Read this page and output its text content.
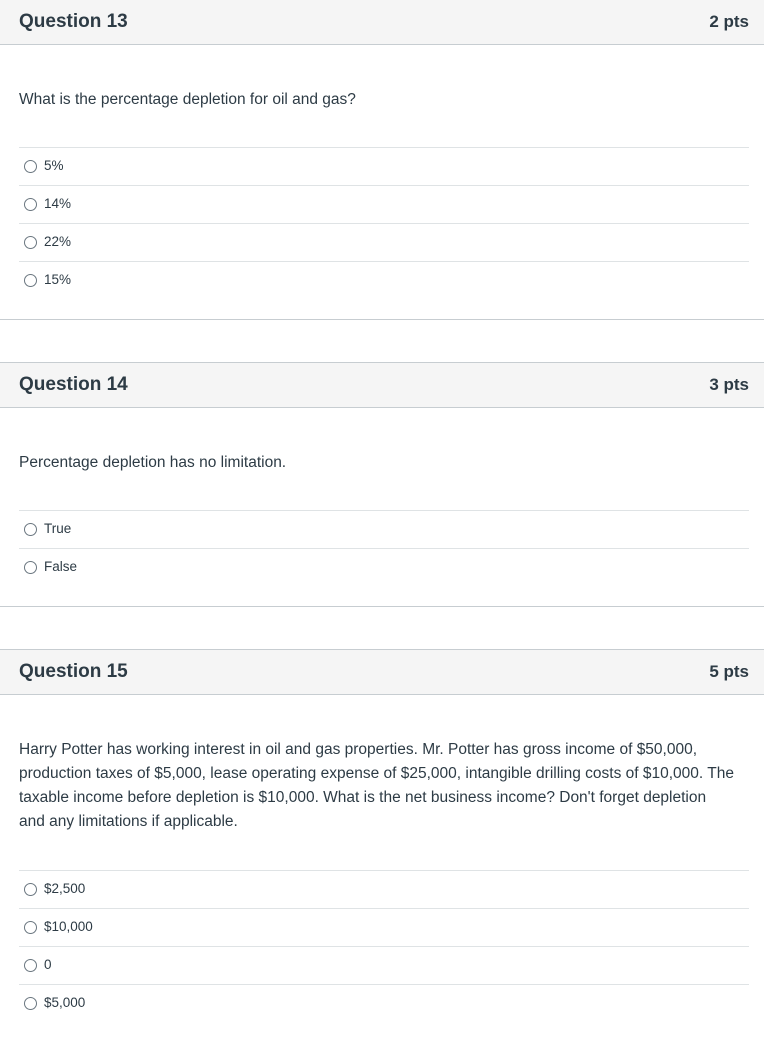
Question 13	2 pts
What is the percentage depletion for oil and gas?
5%
14%
22%
15%
Question 14	3 pts
Percentage depletion has no limitation.
True
False
Question 15	5 pts
Harry Potter has working interest in oil and gas properties. Mr. Potter has gross income of $50,000, production taxes of $5,000, lease operating expense of $25,000, intangible drilling costs of $10,000. The taxable income before depletion is $10,000. What is the net business income? Don't forget depletion and any limitations if applicable.
$2,500
$10,000
0
$5,000
